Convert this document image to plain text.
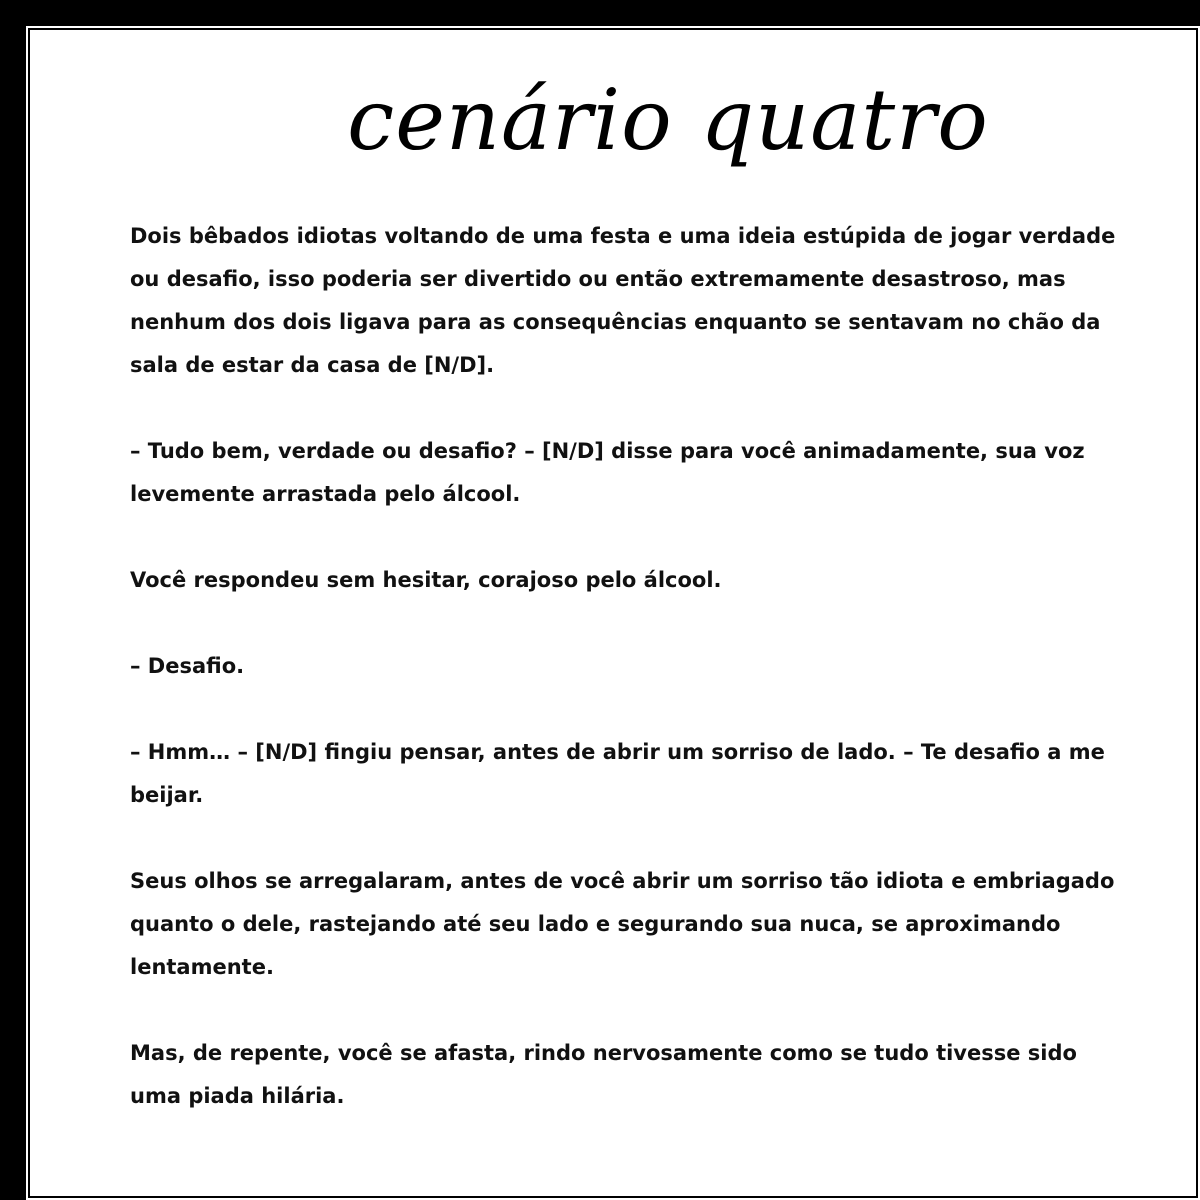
cenário quatro

Dois bêbados idiotas voltando de uma festa e uma ideia estúpida de jogar verdade ou desafio, isso poderia ser divertido ou então extremamente desastroso, mas nenhum dos dois ligava para as consequências enquanto se sentavam no chão da sala de estar da casa de [N/D].

– Tudo bem, verdade ou desafio? – [N/D] disse para você animadamente, sua voz levemente arrastada pelo álcool.

Você respondeu sem hesitar, corajoso pelo álcool.

– Desafio.

– Hmm… – [N/D] fingiu pensar, antes de abrir um sorriso de lado. – Te desafio a me beijar.

Seus olhos se arregalaram, antes de você abrir um sorriso tão idiota e embriagado quanto o dele, rastejando até seu lado e segurando sua nuca, se aproximando lentamente.

Mas, de repente, você se afasta, rindo nervosamente como se tudo tivesse sido uma piada hilária.
